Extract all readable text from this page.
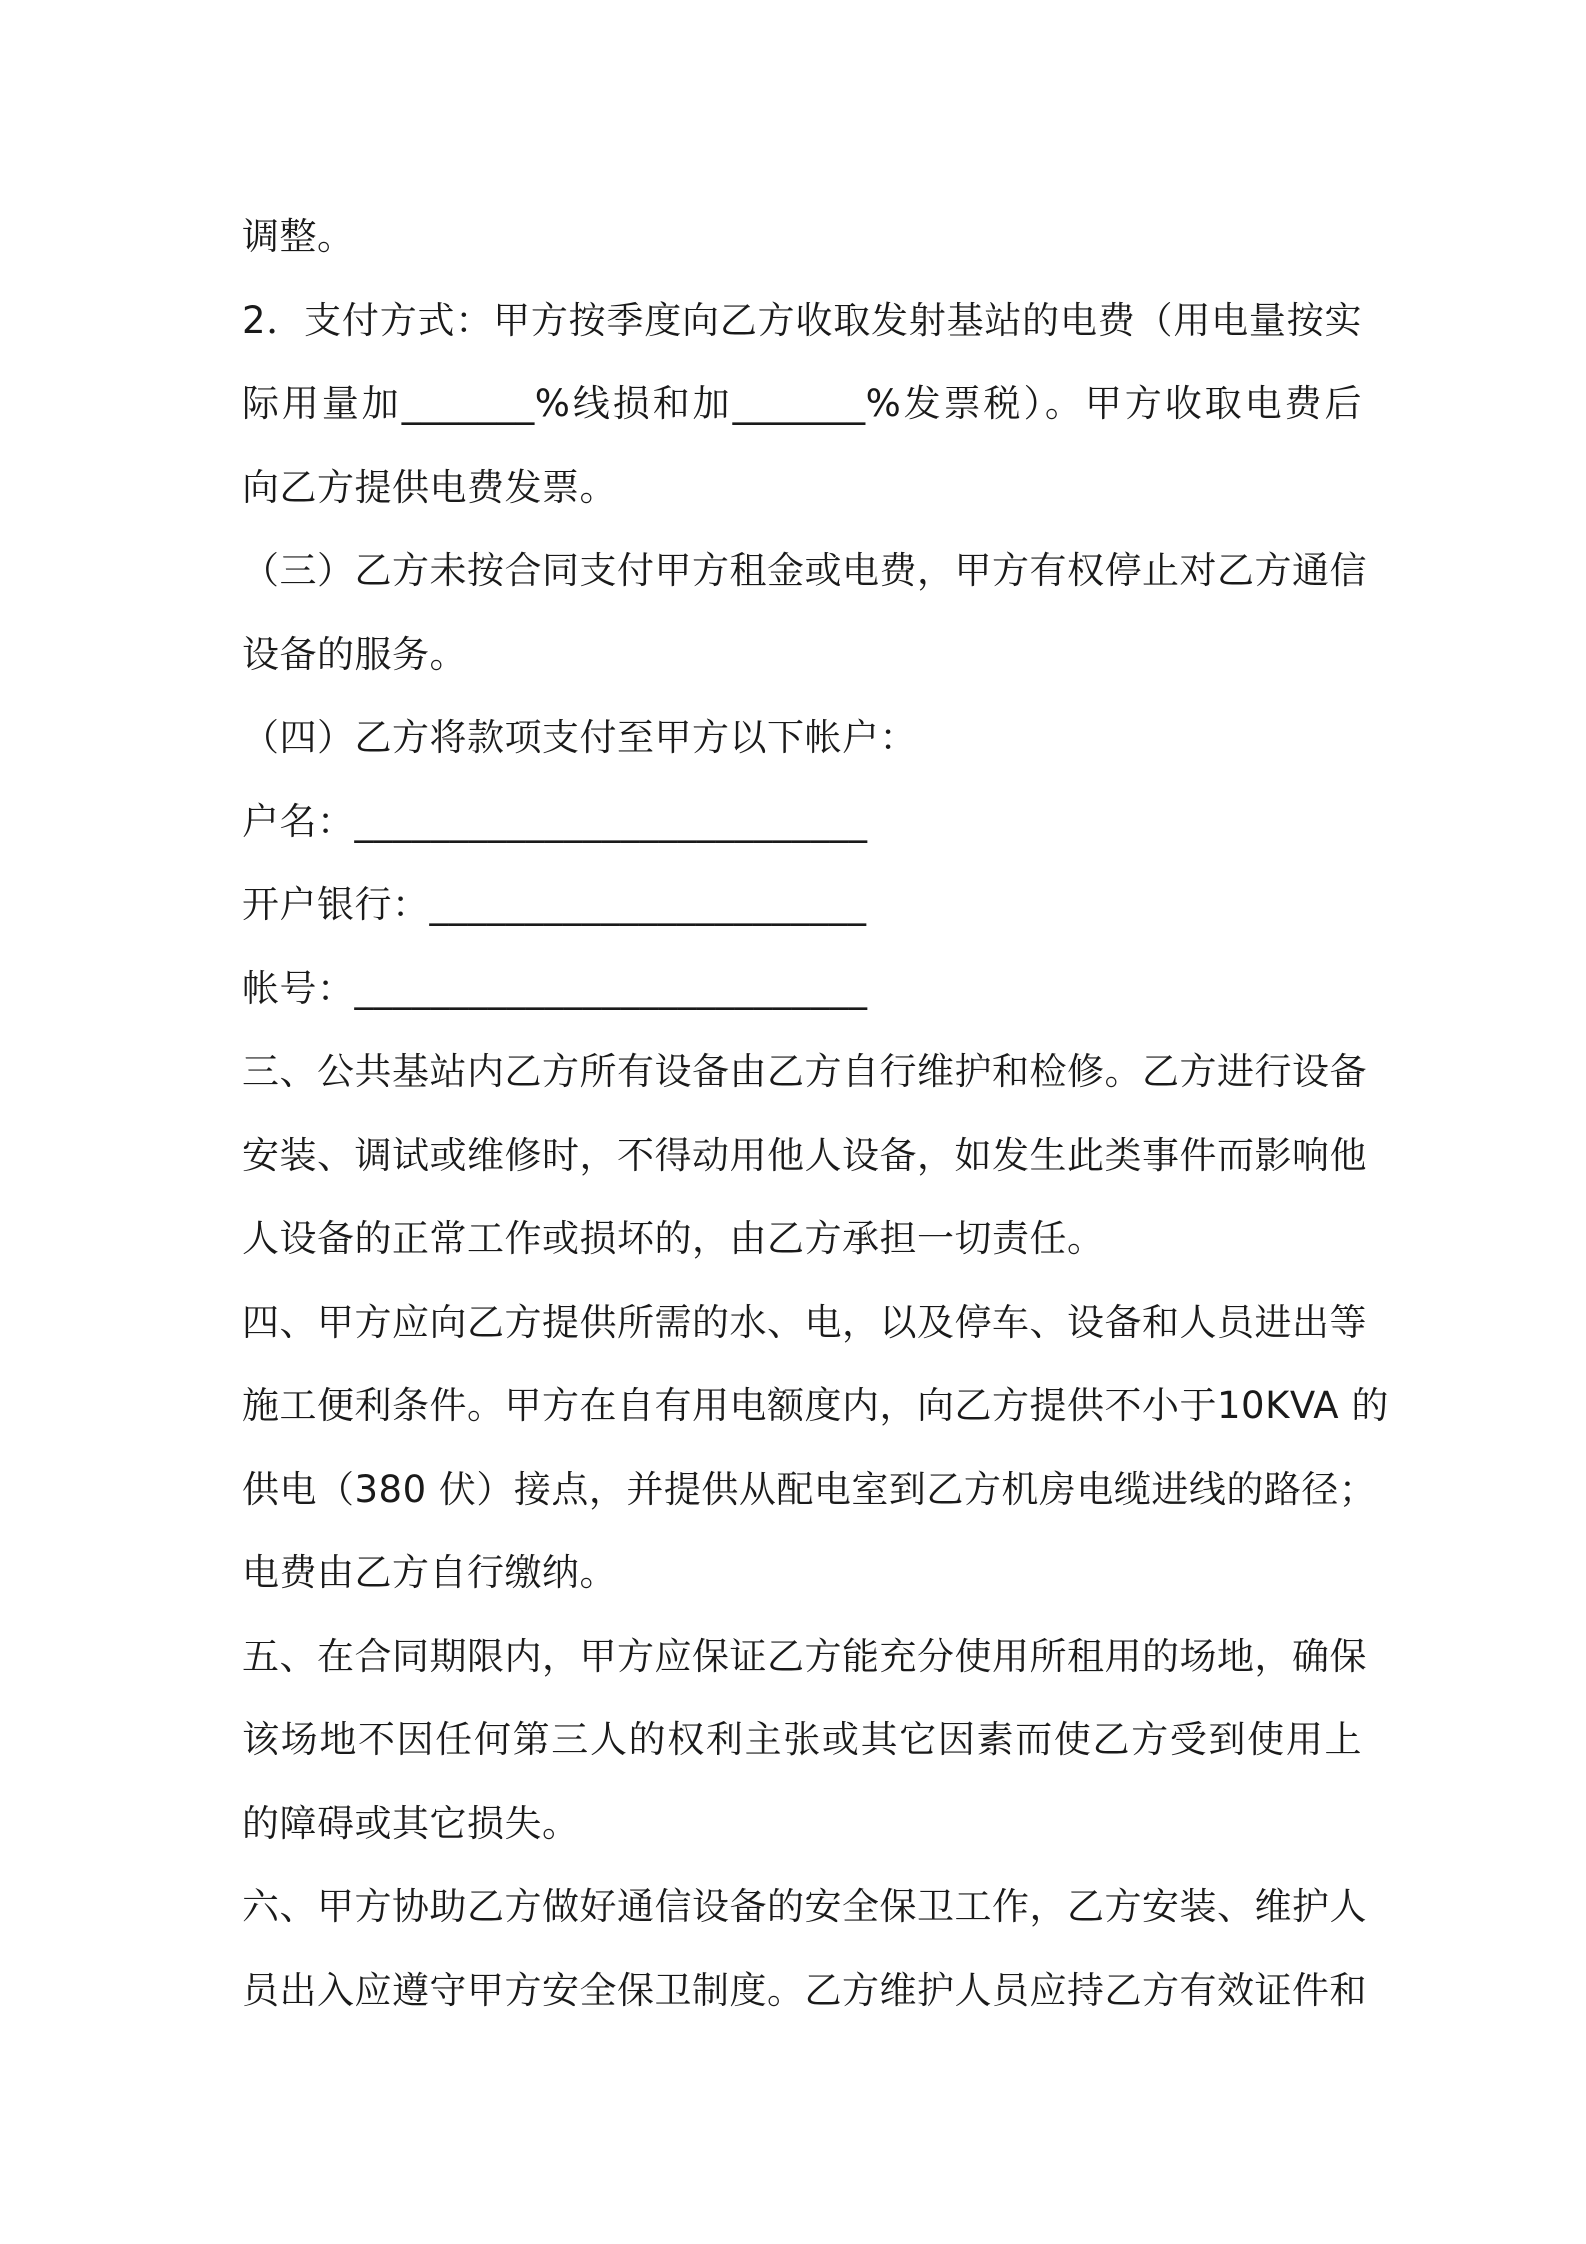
调整。
2．支付方式：甲方按季度向乙方收取发射基站的电费（用电量按实
际用量加_______%线损和加_______%发票税）。甲方收取电费后
向乙方提供电费发票。
（三）乙方未按合同支付甲方租金或电费，甲方有权停止对乙方通信
设备的服务。
（四）乙方将款项支付至甲方以下帐户：
户名：___________________________
开户银行：_______________________
帐号：___________________________
三、公共基站内乙方所有设备由乙方自行维护和检修。乙方进行设备
安装、调试或维修时，不得动用他人设备，如发生此类事件而影响他
人设备的正常工作或损坏的，由乙方承担一切责任。
四、甲方应向乙方提供所需的水、电，以及停车、设备和人员进出等
施工便利条件。甲方在自有用电额度内，向乙方提供不小于10KVA 的
供电（380 伏）接点，并提供从配电室到乙方机房电缆进线的路径；
电费由乙方自行缴纳。
五、在合同期限内，甲方应保证乙方能充分使用所租用的场地，确保
该场地不因任何第三人的权利主张或其它因素而使乙方受到使用上
的障碍或其它损失。
六、甲方协助乙方做好通信设备的安全保卫工作，乙方安装、维护人
员出入应遵守甲方安全保卫制度。乙方维护人员应持乙方有效证件和
